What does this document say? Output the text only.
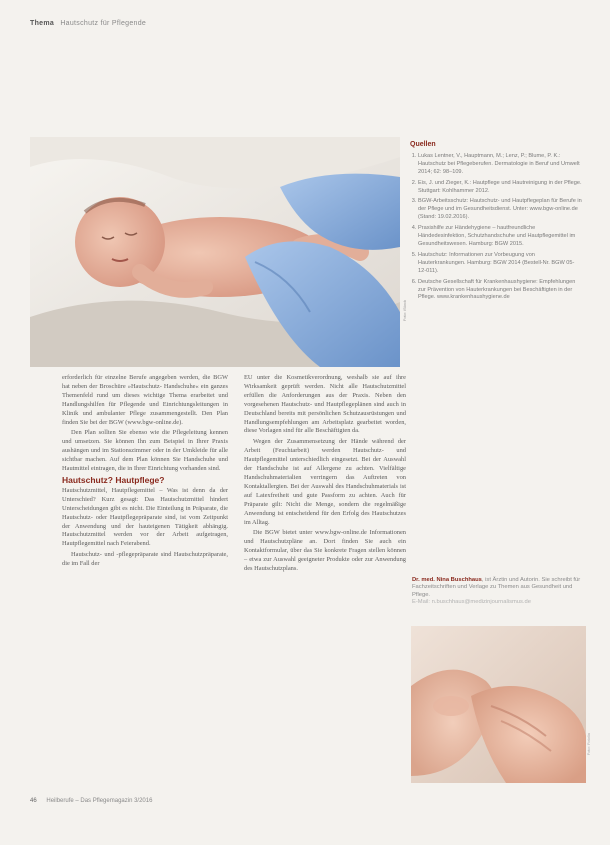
Thema Hautschutz für Pflegende
Foto: iStock
Quellen
1. Lukas Lentner, V., Hauptmann, M.; Lenz, P.; Blume, P. K.: Hautschutz bei Pflegeberufen. Dermatologie in Beruf und Umwelt 2014; 62: 98–109.
2. Eis, J. und Zieger, K.: Hautpflege und Hautreinigung in der Pflege. Stuttgart: Kohlhammer 2012.
3. BGW-Arbeitsschutz: Hautschutz- und Hautpflegeplan für Berufe in der Pflege und im Gesundheitsdienst. Unter: www.bgw-online.de (Stand: 19.02.2016).
4. Praxishilfe zur Händehygiene – hautfreundliche Händedesinfektion, Schutzhandschuhe und Hautpflegemittel im Gesundheitswesen. Hamburg: BGW 2015.
5. Hautschutz: Informationen zur Vorbeugung von Hauterkrankungen. Hamburg: BGW 2014 (Bestell-Nr. BGW 05-12-011).
6. Deutsche Gesellschaft für Krankenhaushygiene: Empfehlungen zur Prävention von Hauterkrankungen bei Beschäftigten in der Pflege. www.krankenhaushygiene.de

erforderlich für einzelne Berufe angegeben werden, die BGW hat neben der Broschüre »Hautschutz- Handschuhe« ein ganzes Themenfeld rund um dieses wichtige Thema erarbeitet und Handlungshilfen für Pflegende und Einrichtungsleitungen in Klinik und ambulanter Pflege zusammengestellt. Den Plan finden Sie bei der BGW (www.bgw-online.de).

Den Plan sollten Sie ebenso wie die Pflegeleitung kennen und umsetzen. Sie können Ihn zum Beispiel in Ihrer Praxis aushängen und im Stationszimmer oder in der Umkleide für alle sichtbar machen. Auf dem Plan können Sie Handschuhe und Hautmittel eintragen, die in Ihrer Einrichtung vorhanden sind.

Hautschutz? Hautpflege?

Hautschutzmittel, Hautpflegemittel – Was ist denn da der Unterschied? Kurz gesagt: Das Hautschutzmittel hindert Unterscheidungen gibt es nicht. Die Einteilung in Präparate, die Hautschutz- oder Hautpflegepräparate sind, ist vom Zeitpunkt der Anwendung und der hauteigenen Tätigkeit abhängig. Hautschutzmittel werden vor der Arbeit aufgetragen, Hautpflegemittel nach Feierabend.

Hautschutz- und -pflegepräparate sind Hautschutzpräparate, die im Fall der

EU unter die Kosmetikverordnung, weshalb sie auf ihre Wirksamkeit geprüft werden. Nicht alle Hautschutzmittel erfüllen die Anforderungen aus der Praxis. Neben den vorgesehenen Hautschutz- und Hautpflegeplänen sind auch in Deutschland bereits mit persönlichen Schutzausrüstungen und Handlungsempfehlungen am Arbeitsplatz gearbeitet worden, diese Vorlagen sind für alle Beschäftigten da.

Wegen der Zusammensetzung der Hände während der Arbeit (Feuchtarbeit) werden Hautschutz- und Hautpflegemittel unterschiedlich eingesetzt. Bei der Auswahl der Handschuhe ist auf Allergene zu achten. Vielfältige Handschuhmaterialien verringern das Auftreten von Kontaktallergien. Bei der Auswahl des Handschuhmaterials ist auf Latexfreiheit und gute Passform zu achten. Auch für Präparate gilt: Nicht die Menge, sondern die regelmäßige Anwendung ist entscheidend für den Erfolg des Hautschutzes im Alltag.

Die BGW bietet unter www.bgw-online.de Informationen und Hautschutzpläne an. Dort finden Sie auch ein Kontaktformular, über das Sie konkrete Fragen stellen können – etwa zur Auswahl geeigneter Produkte oder zur Anwendung des Hautschutzplans.

Dr. med. Nina Buschhaus, ist Ärztin und Autorin. Sie schreibt für Fachzeitschriften und Verlage zu Themen aus Gesundheit und Pflege.
E-Mail: n.buschhaus@medizinjournalismus.de
Foto: Fotolia
46 Heilberufe – Das Pflegemagazin 3/2016
